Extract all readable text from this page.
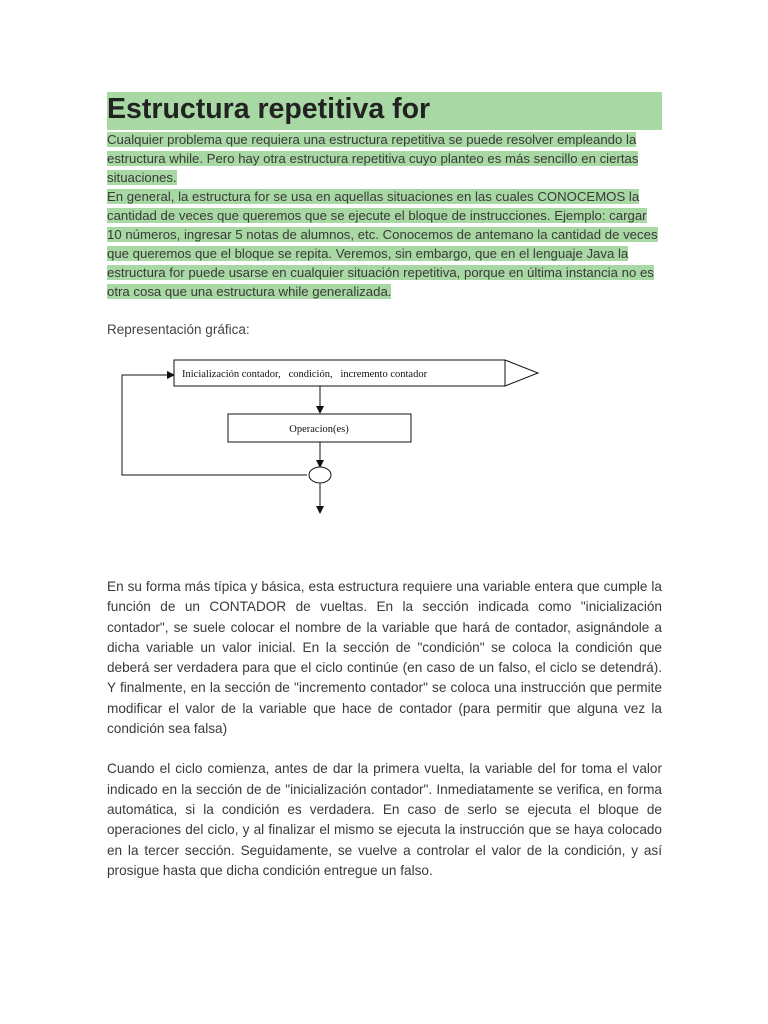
Estructura repetitiva for

Cualquier problema que requiera una estructura repetitiva se puede resolver empleando la estructura while. Pero hay otra estructura repetitiva cuyo planteo es más sencillo en ciertas situaciones.

En general, la estructura for se usa en aquellas situaciones en las cuales CONOCEMOS la cantidad de veces que queremos que se ejecute el bloque de instrucciones. Ejemplo: cargar 10 números, ingresar 5 notas de alumnos, etc. Conocemos de antemano la cantidad de veces que queremos que el bloque se repita. Veremos, sin embargo, que en el lenguaje Java la estructura for puede usarse en cualquier situación repetitiva, porque en última instancia no es otra cosa que una estructura while generalizada.

Representación gráfica:

Inicialización contador,   condición,   incremento contador
Operacion(es)

En su forma más típica y básica, esta estructura requiere una variable entera que cumple la función de un CONTADOR de vueltas. En la sección indicada como "inicialización contador", se suele colocar el nombre de la variable que hará de contador, asignándole a dicha variable un valor inicial. En la sección de "condición" se coloca la condición que deberá ser verdadera para que el ciclo continúe (en caso de un falso, el ciclo se detendrá). Y finalmente, en la sección de "incremento contador" se coloca una instrucción que permite modificar el valor de la variable que hace de contador (para permitir que alguna vez la condición sea falsa)

Cuando el ciclo comienza, antes de dar la primera vuelta, la variable del for toma el valor indicado en la sección de de "inicialización contador". Inmediatamente se verifica, en forma automática, si la condición es verdadera. En caso de serlo se ejecuta el bloque de operaciones del ciclo, y al finalizar el mismo se ejecuta la instrucción que se haya colocado en la tercer sección. Seguidamente, se vuelve a controlar el valor de la condición, y así prosigue hasta que dicha condición entregue un falso.
